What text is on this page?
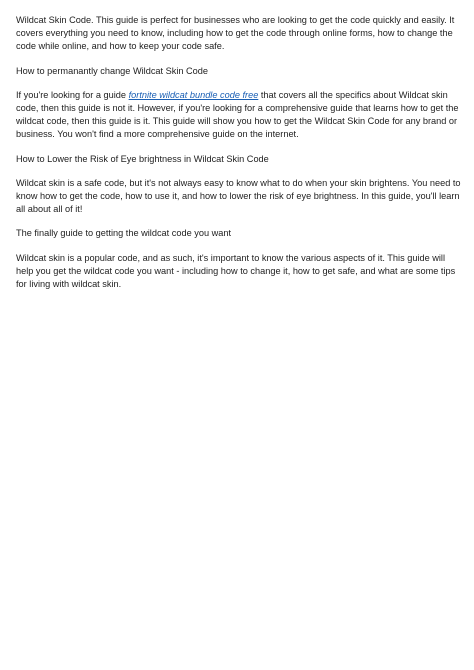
Wildcat Skin Code. This guide is perfect for businesses who are looking to get the code quickly and easily. It covers everything you need to know, including how to get the code through online forms, how to change the code while online, and how to keep your code safe.

How to permanantly change Wildcat Skin Code

If you're looking for a guide fortnite wildcat bundle code free that covers all the specifics about Wildcat skin code, then this guide is not it. However, if you're looking for a comprehensive guide that learns how to get the wildcat code, then this guide is it. This guide will show you how to get the Wildcat Skin Code for any brand or business. You won't find a more comprehensive guide on the internet.

How to Lower the Risk of Eye brightness in Wildcat Skin Code

Wildcat skin is a safe code, but it's not always easy to know what to do when your skin brightens. You need to know how to get the code, how to use it, and how to lower the risk of eye brightness. In this guide, you'll learn all about all of it!

The finally guide to getting the wildcat code you want

Wildcat skin is a popular code, and as such, it's important to know the various aspects of it. This guide will help you get the wildcat code you want - including how to change it, how to get safe, and what are some tips for living with wildcat skin.
